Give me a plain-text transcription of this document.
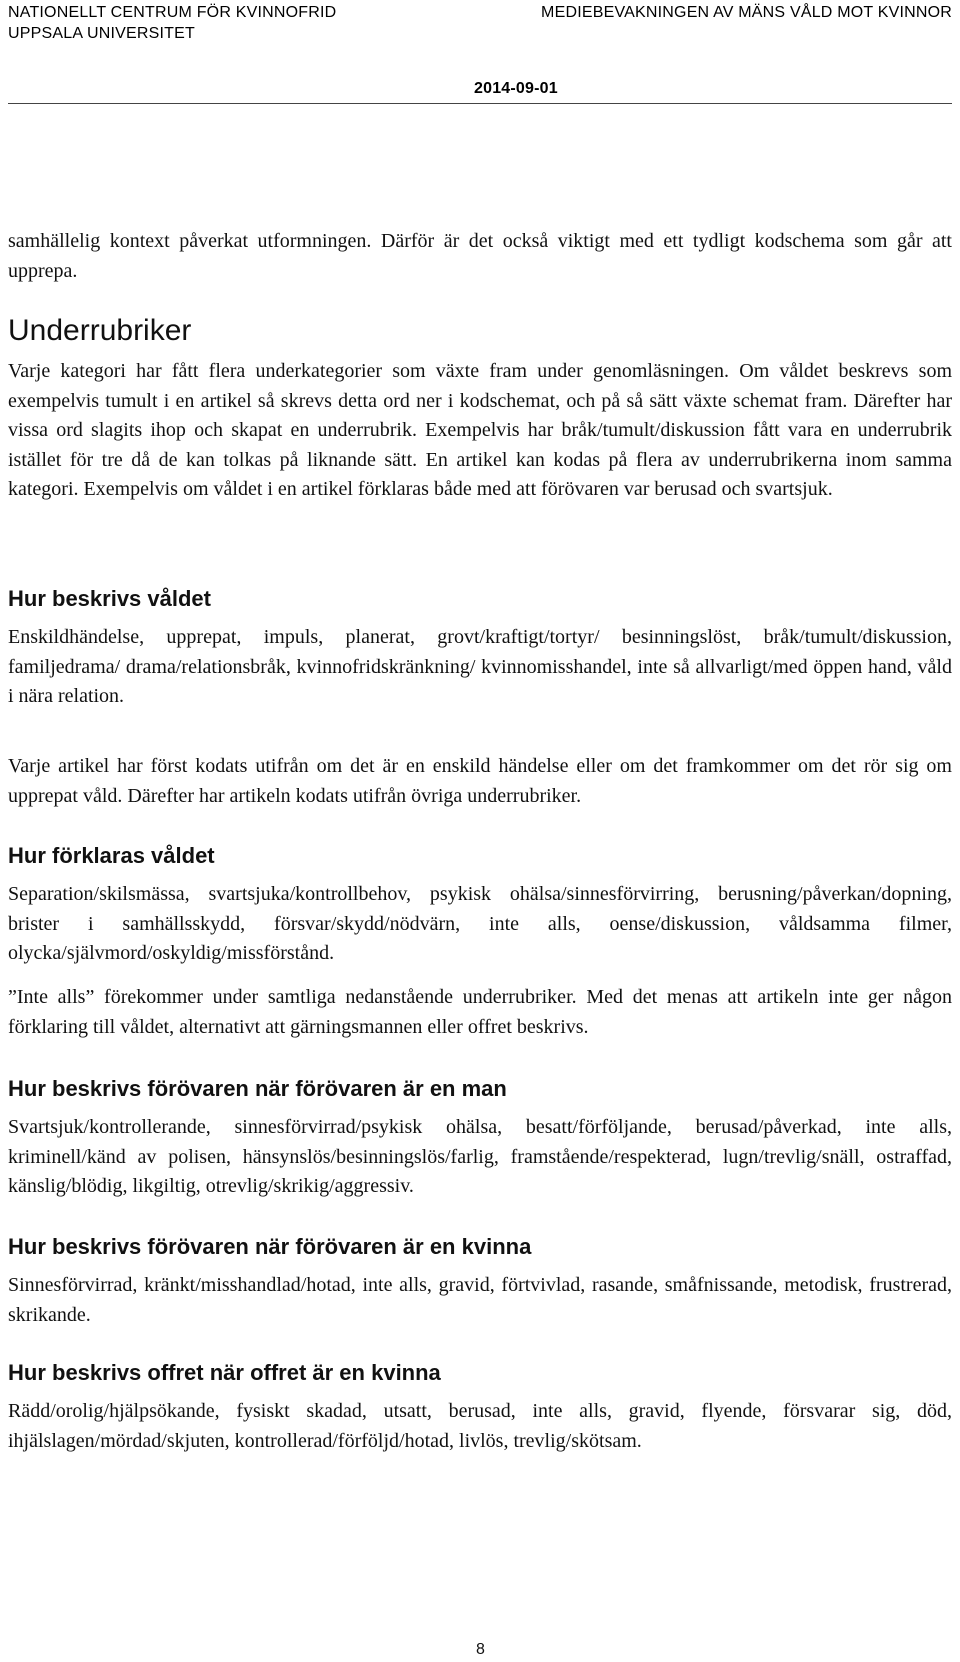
NATIONELLT CENTRUM FÖR KVINNOFRID
UPPSALA UNIVERSITET
MEDIEBEVAKNINGEN AV MÄNS VÅLD MOT KVINNOR
2014-09-01

samhällelig kontext påverkat utformningen. Därför är det också viktigt med ett tydligt kodschema som går att upprepa.

Underrubriker

Varje kategori har fått flera underkategorier som växte fram under genomläsningen. Om våldet beskrevs som exempelvis tumult i en artikel så skrevs detta ord ner i kodschemat, och på så sätt växte schemat fram. Därefter har vissa ord slagits ihop och skapat en underrubrik. Exempelvis har bråk/tumult/diskussion fått vara en underrubrik istället för tre då de kan tolkas på liknande sätt. En artikel kan kodas på flera av underrubrikerna inom samma kategori. Exempelvis om våldet i en artikel förklaras både med att förövaren var berusad och svartsjuk.

Hur beskrivs våldet

Enskildhändelse, upprepat, impuls, planerat, grovt/kraftigt/tortyr/ besinningslöst, bråk/tumult/diskussion, familjedrama/ drama/relationsbråk, kvinnofridskränkning/ kvinnomisshandel, inte så allvarligt/med öppen hand, våld i nära relation.

Varje artikel har först kodats utifrån om det är en enskild händelse eller om det framkommer om det rör sig om upprepat våld. Därefter har artikeln kodats utifrån övriga underrubriker.

Hur förklaras våldet

Separation/skilsmässa, svartsjuka/kontrollbehov, psykisk ohälsa/sinnesförvirring, berusning/påverkan/dopning, brister i samhällsskydd, försvar/skydd/nödvärn, inte alls, oense/diskussion, våldsamma filmer, olycka/självmord/oskyldig/missförstånd.

”Inte alls” förekommer under samtliga nedanstående underrubriker. Med det menas att artikeln inte ger någon förklaring till våldet, alternativt att gärningsmannen eller offret beskrivs.

Hur beskrivs förövaren när förövaren är en man

Svartsjuk/kontrollerande, sinnesförvirrad/psykisk ohälsa, besatt/förföljande, berusad/påverkad, inte alls, kriminell/känd av polisen, hänsynslös/besinningslös/farlig, framstående/respekterad, lugn/trevlig/snäll, ostraffad, känslig/blödig, likgiltig, otrevlig/skrikig/aggressiv.

Hur beskrivs förövaren när förövaren är en kvinna

Sinnesförvirrad, kränkt/misshandlad/hotad, inte alls, gravid, förtvivlad, rasande, småfnissande, metodisk, frustrerad, skrikande.

Hur beskrivs offret när offret är en kvinna

Rädd/orolig/hjälpsökande, fysiskt skadad, utsatt, berusad, inte alls, gravid, flyende, försvarar sig, död, ihjälslagen/mördad/skjuten, kontrollerad/förföljd/hotad, livlös, trevlig/skötsam.

8
